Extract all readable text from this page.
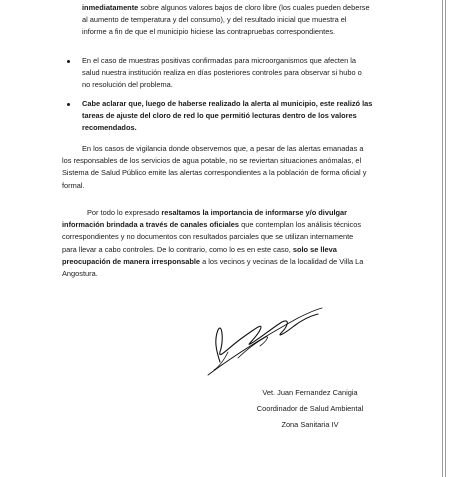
inmediatamente sobre algunos valores bajos de cloro libre (los cuales pueden deberse
al aumento de temperatura y del consumo), y del resultado inicial que muestra el
informe a fin de que el municipio hiciese las contrapruebas correspondientes.
En el caso de muestras positivas confirmadas para microorganismos que afecten la
salud nuestra institución realiza en días posteriores controles para observar si hubo o
no resolución del problema.
Cabe aclarar que, luego de haberse realizado la alerta al municipio, este realizó las
tareas de ajuste del cloro de red lo que permitió lecturas dentro de los valores
recomendados.
En los casos de vigilancia donde observemos que, a pesar de las alertas emanadas a
los responsables de los servicios de agua potable, no se reviertan situaciones anómalas, el
Sistema de Salud Público emite las alertas correspondientes a la población de forma oficial y
formal.
Por todo lo expresado resaltamos la importancia de informarse y/o divulgar
información brindada a través de canales oficiales que contemplan los análisis técnicos
correspondientes y no documentos con resultados parciales que se utilizan internamente
para llevar a cabo controles. De lo contrario, como lo es en este caso, solo se lleva
preocupación de manera irresponsable a los vecinos y vecinas de la localidad de Villa La
Angostura.
Vet. Juan Fernandez Canigia
Coordinador de Salud Ambiental
Zona Sanitaria IV
